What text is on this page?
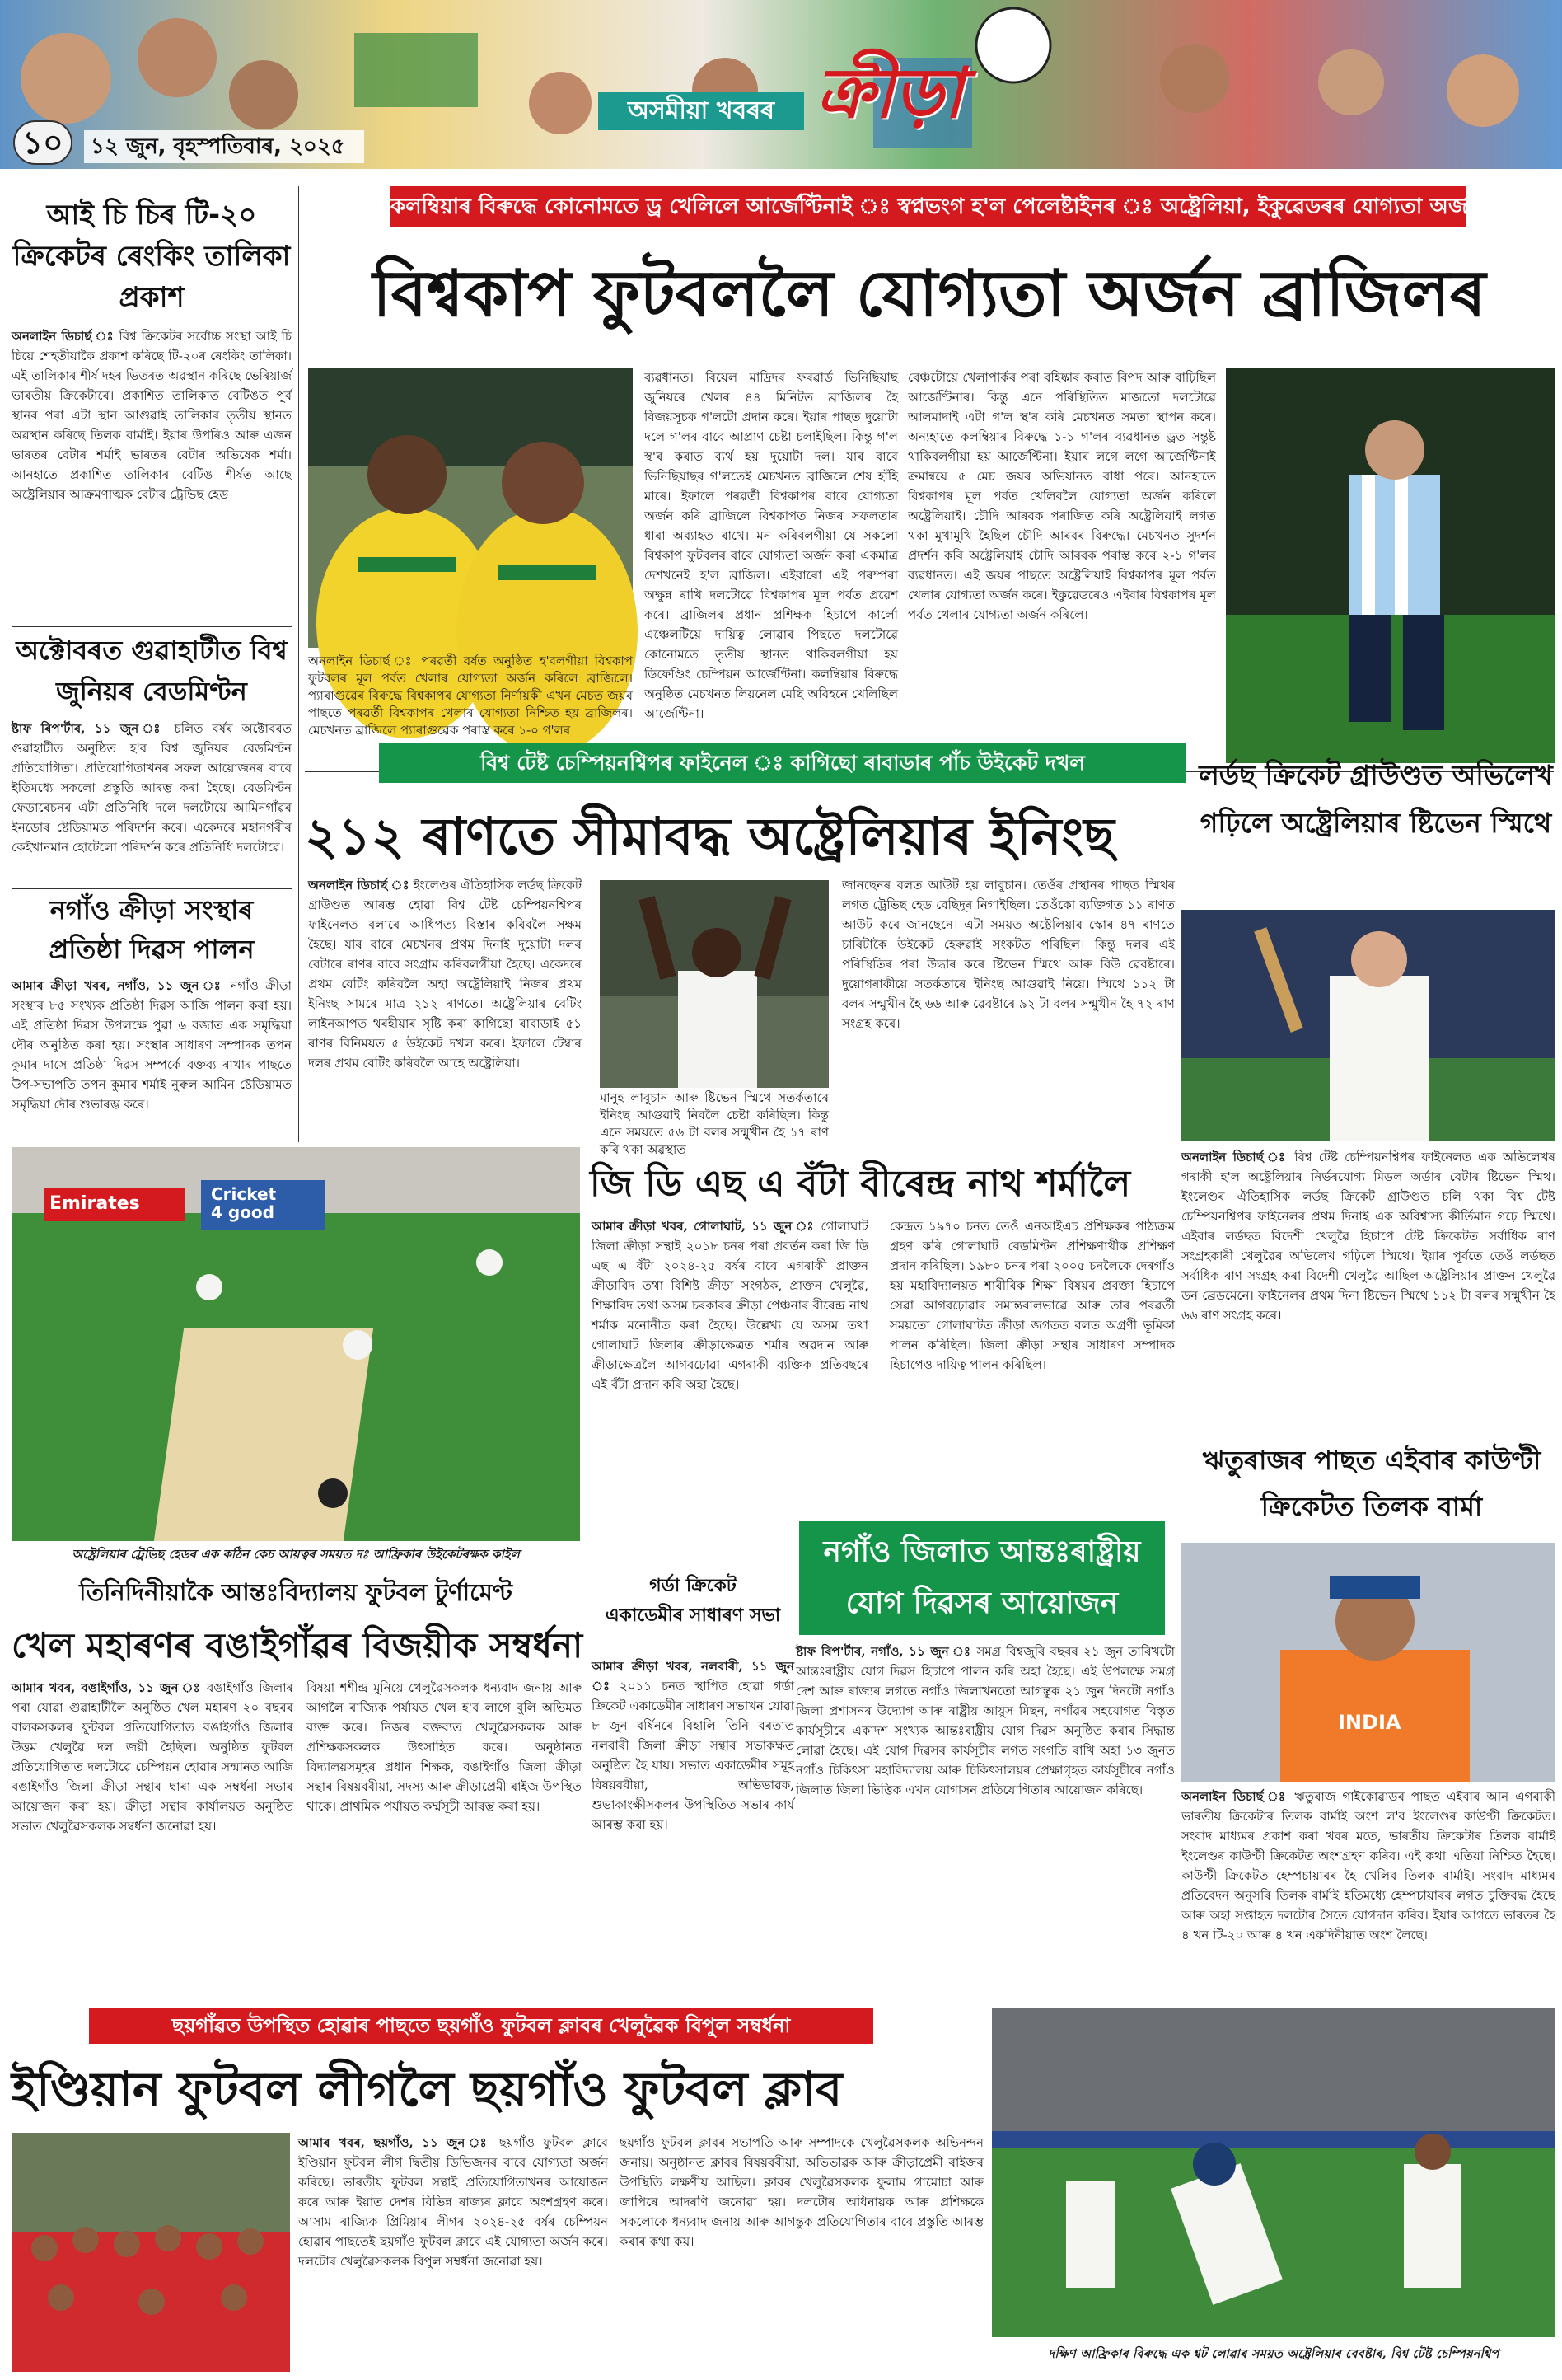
১০	১২ জুন, বৃহস্পতিবাৰ, ২০২৫
অসমীয়া খবৰৰ ক্ৰীড়া
কলম্বিয়াৰ বিৰুদ্ধে কোনোমতে ড্ৰ খেলিলে আৰ্জেণ্টিনাই ঃ স্বপ্নভংগ হ'ল পেলেষ্টাইনৰ ঃ অষ্ট্ৰেলিয়া, ইকুৱেডৰৰ যোগ্যতা অৰ্জন
আই চি চিৰ টি-২০ ক্ৰিকেটৰ ৰেংকিং তালিকা প্ৰকাশ
অনলাইন ডিচাৰ্ছ ঃ বিশ্ব ক্ৰিকেটৰ সৰ্বোচ্চ সংস্থা আই চি চিয়ে শেহতীয়াকৈ প্ৰকাশ কৰিছে টি-২০ৰ ৰেংকিং তালিকা। এই তালিকাৰ শীৰ্ষ দহৰ ভিতৰত অৱস্থান কৰিছে ভেৰিয়াৰ্জ ভাৰতীয় ক্ৰিকেটাৰে। প্ৰকাশিত তালিকাত বেটিঙত পুৰ্ব স্থানৰ পৰা এটা স্থান আগুৱাই তালিকাৰ তৃতীয় স্থানত অৱস্থান কৰিছে তিলক বাৰ্মাই। ইয়াৰ উপৰিও আৰু এজন ভাৰতৰ বেটাৰ শৰ্মাই ভাৰতৰ বেটাৰ অভিষেক শৰ্মা। আনহাতে প্ৰকাশিত তালিকাৰ বেটিঙ শীৰ্ষত আছে অষ্ট্ৰেলিয়াৰ আক্ৰমণাত্মক বেটাৰ ট্ৰেভিছ হেড।
অক্টোবৰত গুৱাহাটীত বিশ্ব জুনিয়ৰ বেডমিণ্টন
ষ্টাফ ৰিপ'ৰ্টাৰ, ১১ জুন ঃ চলিত বৰ্ষৰ অক্টোবৰত গুৱাহাটীত অনুষ্ঠিত হ'ব বিশ্ব জুনিয়ৰ বেডমিণ্টন প্ৰতিযোগিতা। প্ৰতিযোগিতাখনৰ সফল আয়োজনৰ বাবে ইতিমধ্যে সকলো প্ৰস্তুতি আৰম্ভ কৰা হৈছে। বেডমিণ্টন ফেডাৰেচনৰ এটা প্ৰতিনিধি দলে দলটোয়ে আমিনগাঁৱৰ ইনডোৰ ষ্টেডিয়ামত পৰিদৰ্শন কৰে। একেদৰে মহানগৰীৰ কেইখানমান হোটেলো পৰিদৰ্শন কৰে প্ৰতিনিধি দলটোৱে।
নগাঁও ক্ৰীড়া সংস্থাৰ প্ৰতিষ্ঠা দিৱস পালন
আমাৰ ক্ৰীড়া খবৰ, নগাঁও, ১১ জুন ঃ নগাঁও ক্ৰীড়া সংস্থাৰ ৮৫ সংখ্যক প্ৰতিষ্ঠা দিৱস আজি পালন কৰা হয়। এই প্ৰতিষ্ঠা দিৱস উপলক্ষে পুৱা ৬ বজাত এক সমৃদ্ধিয়া দৌৰ অনুষ্ঠিত কৰা হয়। সংস্থাৰ সাধাৰণ সম্পাদক তপন কুমাৰ দাসে প্ৰতিষ্ঠা দিৱস সম্পৰ্কে বক্তব্য ৰাখাৰ পাছতে উপ-সভাপতি তপন কুমাৰ শৰ্মাই নুৰুল আমিন ষ্টেডিয়ামত সমৃদ্ধিয়া দৌৰ শুভাৰম্ভ কৰে।
বিশ্বকাপ ফুটবললৈ যোগ্যতা অৰ্জন ব্ৰাজিলৰ
অনলাইন ডিচাৰ্ছ ঃ পৰৱৰ্তী বৰ্ষত অনুষ্ঠিত হ'বলগীয়া বিশ্বকাপ ফুটবলৰ মূল পৰ্বত খেলাৰ যোগ্যতা অৰ্জন কৰিলে ব্ৰাজিলে। প্যাৰাগুৱেৰ বিৰুদ্ধে বিশ্বকাপৰ যোগ্যতা নিৰ্ণায়কী এখন মেচত জয়ৰ পাছতে পৰৱৰ্তী বিশ্বকাপৰ খেলাৰ যোগ্যতা নিশ্চিত হয় ব্ৰাজিলৰ। মেচখনত ব্ৰাজিলে প্যাৰাগুৱেক পৰাস্ত কৰে ১-০ গ'লৰ
ব্যৱধানত। বিয়েল মাদ্ৰিদৰ ফৰৱাৰ্ড ভিনিছিয়াছ জুনিয়ৰে খেলৰ ৪৪ মিনিটত ব্ৰাজিলৰ হৈ বিজয়সূচক গ'লটো প্ৰদান কৰে। ইয়াৰ পাছত দুয়োটা দলে গ'লৰ বাবে আপ্ৰাণ চেষ্টা চলাইছিল। কিন্তু গ'ল স্থ'ৰ কৰাত ব্যৰ্থ হয় দুয়োটা দল। যাৰ বাবে ভিনিছিয়াছৰ গ'লতেই মেচখনত ব্ৰাজিলে শেষ হাঁহি মাৰে। ইফালে পৰৱৰ্তী বিশ্বকাপৰ বাবে যোগ্যতা অৰ্জন কৰি ব্ৰাজিলে বিশ্বকাপত নিজৰ সফলতাৰ ধাৰা অব্যাহত ৰাখে। মন কৰিবলগীয়া যে সকলো বিশ্বকাপ ফুটবলৰ বাবে যোগ্যতা অৰ্জন কৰা একমাত্ৰ দেশখনেই হ'ল ব্ৰাজিল। এইবাৰো এই পৰম্পৰা অক্ষুন্ন ৰাখি দলটোৱে বিশ্বকাপৰ মূল পৰ্বত প্ৰৱেশ কৰে। ব্ৰাজিলৰ প্ৰধান প্ৰশিক্ষক হিচাপে কাৰ্লো এঞ্চেলটিয়ে দায়িত্ব লোৱাৰ পিছতে দলটোৱে কোনোমতে তৃতীয় স্থানত থাকিবলগীয়া হয় ডিফেণ্ডিং চেম্পিয়ন আৰ্জেণ্টিনা। কলম্বিয়াৰ বিৰুদ্ধে অনুষ্ঠিত মেচখনত লিয়নেল মেছি অবিহনে খেলিছিল আৰ্জেণ্টিনা।
বেঞ্চটোয়ে খেলাপাৰ্কৰ পৰা বহিষ্কাৰ কৰাত বিপদ আৰু বাঢ়িছিল আৰ্জেণ্টিনাৰ। কিন্তু এনে পৰিস্থিতিত মাজতো দলটোৱে আলমাদাই এটা গ'ল স্থ'ৰ কৰি মেচখনত সমতা স্থাপন কৰে। অন্যহাতে কলম্বিয়াৰ বিৰুদ্ধে ১-১ গ'লৰ ব্যৱধানত ড্ৰত সন্তুষ্ট থাকিবলগীয়া হয় আৰ্জেণ্টিনা। ইয়াৰ লগে লগে আৰ্জেণ্টিনাই ক্ৰমান্বয়ে ৫ মেচ জয়ৰ অভিযানত বাধা পৰে। আনহাতে বিশ্বকাপৰ মূল পৰ্বত খেলিবলৈ যোগ্যতা অৰ্জন কৰিলে অষ্ট্ৰেলিয়াই। চৌদি আৰবক পৰাজিত কৰি অষ্ট্ৰেলিয়াই লগত থকা মুখামুখি হৈছিল চৌদি আৰবৰ বিৰুদ্ধে। মেচখনত সুদৰ্শন প্ৰদৰ্শন কৰি অষ্ট্ৰেলিয়াই চৌদি আৰবক পৰাস্ত কৰে ২-১ গ'লৰ ব্যৱধানত। এই জয়ৰ পাছতে অষ্ট্ৰেলিয়াই বিশ্বকাপৰ মূল পৰ্বত খেলাৰ যোগ্যতা অৰ্জন কৰে। ইকুৱেডৰেও এইবাৰ বিশ্বকাপৰ মূল পৰ্বত খেলাৰ যোগ্যতা অৰ্জন কৰিলে।
বিশ্ব টেষ্ট চেম্পিয়নশ্বিপৰ ফাইনেল ঃ কাগিছো ৰাবাডাৰ পাঁচ উইকেট দখল
২১২ ৰাণতে সীমাবদ্ধ অষ্ট্ৰেলিয়াৰ ইনিংছ
অনলাইন ডিচাৰ্ছ ঃ ইংলেণ্ডৰ ঐতিহাসিক লৰ্ডছ ক্ৰিকেট গ্ৰাউণ্ডত আৰম্ভ হোৱা বিশ্ব টেষ্ট চেম্পিয়নশ্বিপৰ ফাইনেলত বলাৰে আধিপত্য বিস্তাৰ কৰিবলৈ সক্ষম হৈছে। যাৰ বাবে মেচখনৰ প্ৰথম দিনাই দুয়োটা দলৰ বেটাৰে ৰাণৰ বাবে সংগ্ৰাম কৰিবলগীয়া হৈছে। একেদৰে প্ৰথম বেটিং কৰিবলৈ অহা অষ্ট্ৰেলিয়াই নিজৰ প্ৰথম ইনিংছ সামৰে মাত্ৰ ২১২ ৰাণতে। অষ্ট্ৰেলিয়াৰ বেটিং লাইনআপত থৰহীয়াৰ সৃষ্টি কৰা কাগিছো ৰাবাডাই ৫১ ৰাণৰ বিনিময়ত ৫ উইকেট দখল কৰে। ইফালে টেম্বাৰ দলৰ প্ৰথম বেটিং কৰিবলৈ আহে অষ্ট্ৰেলিয়া।
মানুহ লাবুচান আৰু ষ্টিভেন স্মিথে সতৰ্কতাৰে ইনিংছ আগুৱাই নিবলৈ চেষ্টা কৰিছিল। কিন্তু এনে সময়তে ৫৬ টা বলৰ সন্মুখীন হৈ ১৭ ৰাণ কৰি থকা অৱস্থাত
জানছেনৰ বলত আউট হয় লাবুচান। তেওঁৰ প্ৰস্থানৰ পাছত স্মিথৰ লগত ট্ৰেভিছ হেড বেছিদূৰ নিগাইছিল। তেওঁকো ব্যক্তিগত ১১ ৰাণত আউট কৰে জানছেনে। এটা সময়ত অষ্ট্ৰেলিয়াৰ স্কোৰ ৪৭ ৰাণতে চাৰিটাকৈ উইকেট হেৰুৱাই সংকটত পৰিছিল। কিন্তু দলৰ এই পৰিস্থিতিৰ পৰা উদ্ধাৰ কৰে ষ্টিভেন স্মিথে আৰু বিউ ৱেবষ্টাৰে। দুয়োগৰাকীয়ে সতৰ্কতাৰে ইনিংছ আগুৱাই নিয়ে। স্মিথে ১১২ টা বলৰ সন্মুখীন হৈ ৬৬ আৰু ৱেবষ্টাৰে ৯২ টা বলৰ সন্মুখীন হৈ ৭২ ৰাণ সংগ্ৰহ কৰে।
লৰ্ডছ ক্ৰিকেট গ্ৰাউণ্ডত অভিলেখ গঢ়িলে অষ্ট্ৰেলিয়াৰ ষ্টিভেন স্মিথে
অনলাইন ডিচাৰ্ছ ঃ বিশ্ব টেষ্ট চেম্পিয়নশ্বিপৰ ফাইনেলত এক অভিলেখৰ গৰাকী হ'ল অষ্ট্ৰেলিয়াৰ নিৰ্ভৰযোগ্য মিডল অৰ্ডাৰ বেটাৰ ষ্টিভেন স্মিথ। ইংলেণ্ডৰ ঐতিহাসিক লৰ্ডছ ক্ৰিকেট গ্ৰাউণ্ডত চলি থকা বিশ্ব টেষ্ট চেম্পিয়নশ্বিপৰ ফাইনেলৰ প্ৰথম দিনাই এক অবিশ্বাস্য কীৰ্তিমান গঢ়ে স্মিথে। এইবাৰ লৰ্ডছত বিদেশী খেলুৱৈ হিচাপে টেষ্ট ক্ৰিকেটত সৰ্বাধিক ৰাণ সংগ্ৰহকাৰী খেলুৱৈৰ অভিলেখ গঢ়িলে স্মিথে। ইয়াৰ পূৰ্বতে তেওঁ লৰ্ডছত সৰ্বাধিক ৰাণ সংগ্ৰহ কৰা বিদেশী খেলুৱৈ আছিল অষ্ট্ৰেলিয়াৰ প্ৰাক্তন খেলুৱৈ ডন ব্ৰেডমেনে। ফাইনেলৰ প্ৰথম দিনা ষ্টিভেন স্মিথে ১১২ টা বলৰ সন্মুখীন হৈ ৬৬ ৰাণ সংগ্ৰহ কৰে।
Emirates	Cricket
4 good
অষ্ট্ৰেলিয়াৰ ট্ৰেভিছ হেডৰ এক কঠিন কেচ আয়ত্বৰ সময়ত দঃ আফ্ৰিকাৰ উইকেটৰক্ষক কাইল
জি ডি এছ এ বঁটা বীৰেন্দ্ৰ নাথ শৰ্মালৈ
আমাৰ ক্ৰীড়া খবৰ, গোলাঘাট, ১১ জুন ঃ গোলাঘাট জিলা ক্ৰীড়া সন্থাই ২০১৮ চনৰ পৰা প্ৰবৰ্তন কৰা জি ডি এছ এ বঁটা ২০২৪-২৫ বৰ্ষৰ বাবে এগৰাকী প্ৰাক্তন ক্ৰীড়াবিদ তথা বিশিষ্ট ক্ৰীড়া সংগঠক, প্ৰাক্তন খেলুৱৈ, শিক্ষাবিদ তথা অসম চৰকাৰৰ ক্ৰীড়া পেঞ্চনাৰ বীৰেন্দ্ৰ নাথ শৰ্মাক মনোনীত কৰা হৈছে। উল্লেখ্য যে অসম তথা গোলাঘাট জিলাৰ ক্ৰীড়াক্ষেত্ৰত শৰ্মাৰ অৱদান আৰু ক্ৰীড়াক্ষেত্ৰলৈ আগবঢ়োৱা এগৰাকী ব্যক্তিক প্ৰতিবছৰে এই বঁটা প্ৰদান কৰি অহা হৈছে।
কেন্দ্ৰত ১৯৭০ চনত তেওঁ এনআইএচ প্ৰশিক্ষকৰ পাঠ্যক্ৰম গ্ৰহণ কৰি গোলাঘাট বেডমিণ্টন প্ৰশিক্ষণাৰ্থীক প্ৰশিক্ষণ প্ৰদান কৰিছিল। ১৯৮০ চনৰ পৰা ২০০৫ চনলৈকে দেৰগাঁও হয় মহাবিদ্যালয়ত শাৰীৰিক শিক্ষা বিষয়ৰ প্ৰবক্তা হিচাপে সেৱা আগবঢ়োৱাৰ সমান্তৰালভাৱে আৰু তাৰ পৰৱৰ্তী সময়তো গোলাঘাটত ক্ৰীড়া জগতত বলত অগ্ৰণী ভূমিকা পালন কৰিছিল। জিলা ক্ৰীড়া সন্থাৰ সাধাৰণ সম্পাদক হিচাপেও দায়িত্ব পালন কৰিছিল।
ঋতুৰাজৰ পাছত এইবাৰ কাউণ্টী ক্ৰিকেটত তিলক বাৰ্মা
INDIA
অনলাইন ডিচাৰ্ছ ঃ ঋতুৰাজ গাইকোৱাডৰ পাছত এইবাৰ আন এগৰাকী ভাৰতীয় ক্ৰিকেটাৰ তিলক বাৰ্মাই অংশ ল'ব ইংলেণ্ডৰ কাউণ্টী ক্ৰিকেটত। সংবাদ মাধ্যমৰ প্ৰকাশ কৰা খবৰ মতে, ভাৰতীয় ক্ৰিকেটাৰ তিলক বাৰ্মাই ইংলেণ্ডৰ কাউণ্টী ক্ৰিকেটত অংশগ্ৰহণ কৰিব। এই কথা এতিয়া নিশ্চিত হৈছে। কাউণ্টী ক্ৰিকেটত হেম্পচায়াৰৰ হৈ খেলিব তিলক বাৰ্মাই। সংবাদ মাধ্যমৰ প্ৰতিবেদন অনুসৰি তিলক বাৰ্মাই ইতিমধ্যে হেম্পচায়াৰৰ লগত চুক্তিবদ্ধ হৈছে আৰু অহা সপ্তাহত দলটোৰ সৈতে যোগদান কৰিব। ইয়াৰ আগতে ভাৰতৰ হৈ ৪ খন টি-২০ আৰু ৪ খন একদিনীয়াত অংশ লৈছে।
গৰ্ডা ক্ৰিকেট
একাডেমীৰ সাধাৰণ সভা
আমাৰ ক্ৰীড়া খবৰ, নলবাৰী, ১১ জুন ঃ ২০১১ চনত স্থাপিত হোৱা গৰ্ডা ক্ৰিকেট একাডেমীৰ সাধাৰণ সভাখন যোৱা ৮ জুন বৰ্ষিনৰে বিহালি তিনি বৰতাত নলবাৰী জিলা ক্ৰীড়া সন্থাৰ সভাকক্ষত অনুষ্ঠিত হৈ যায়। সভাত একাডেমীৰ সমূহ বিষয়ববীয়া, অভিভাৱক, শুভাকাংক্ষীসকলৰ উপস্থিতিত সভাৰ কাৰ্য আৰম্ভ কৰা হয়।
নগাঁও জিলাত আন্তঃৰাষ্ট্ৰীয় যোগ দিৱসৰ আয়োজন
ষ্টাফ ৰিপ'ৰ্টাৰ, নগাঁও, ১১ জুন ঃ সমগ্ৰ বিশ্বজুৰি বছৰৰ ২১ জুন তাৰিখটো আন্তঃৰাষ্ট্ৰীয় যোগ দিৱস হিচাপে পালন কৰি অহা হৈছে। এই উপলক্ষে সমগ্ৰ দেশ আৰু ৰাজ্যৰ লগতে নগাঁও জিলাখনতো আগন্তুক ২১ জুন দিনটো নগাঁও জিলা প্ৰশাসনৰ উদ্যোগ আৰু ৰাষ্ট্ৰীয় আয়ুস মিছন, নগাঁৱৰ সহযোগত বিস্তৃত কাৰ্যসূচীৰে একাদশ সংখ্যক আন্তঃৰাষ্ট্ৰীয় যোগ দিৱস অনুষ্ঠিত কৰাৰ সিদ্ধান্ত লোৱা হৈছে। এই যোগ দিৱসৰ কাৰ্যসূচীৰ লগত সংগতি ৰাখি অহা ১৩ জুনত নগাঁও চিকিৎসা মহাবিদ্যালয় আৰু চিকিৎসালয়ৰ প্ৰেক্ষাগৃহত কাৰ্যসূচীৰে নগাঁও জিলাত জিলা ভিত্তিক এখন যোগাসন প্ৰতিযোগিতাৰ আয়োজন কৰিছে।
তিনিদিনীয়াকৈ আন্তঃবিদ্যালয় ফুটবল টুৰ্ণামেণ্ট
খেল মহাৰণৰ বঙাইগাঁৱৰ বিজয়ীক সম্বৰ্ধনা
আমাৰ খবৰ, বঙাইগাঁও, ১১ জুন ঃ বঙাইগাঁও জিলাৰ পৰা যোৱা গুৱাহাটীলৈ অনুষ্ঠিত খেল মহাৰণ ২০ বছৰৰ বালকসকলৰ ফুটবল প্ৰতিযোগিতাত বঙাইগাঁও জিলাৰ উত্তম খেলুৱৈ দল জয়ী হৈছিল। অনুষ্ঠিত ফুটবল প্ৰতিযোগিতাত দলটোৱে চেম্পিয়ন হোৱাৰ সন্মানত আজি বঙাইগাঁও জিলা ক্ৰীড়া সন্থাৰ দ্বাৰা এক সম্বৰ্ধনা সভাৰ আয়োজন কৰা হয়। ক্ৰীড়া সন্থাৰ কাৰ্যালয়ত অনুষ্ঠিত সভাত খেলুৱৈসকলক সম্বৰ্ধনা জনোৱা হয়।
বিষয়া শশীন্দ্ৰ মুনিয়ে খেলুৱৈসকলক ধন্যবাদ জনায় আৰু আগলৈ ৰাজ্যিক পৰ্যায়ত খেল হ'ব লাগে বুলি অভিমত ব্যক্ত কৰে। নিজৰ বক্তব্যত খেলুৱৈসকলক আৰু প্ৰশিক্ষকসকলক উৎসাহিত কৰে। অনুষ্ঠানত বিদ্যালয়সমূহৰ প্ৰধান শিক্ষক, বঙাইগাঁও জিলা ক্ৰীড়া সন্থাৰ বিষয়ববীয়া, সদস্য আৰু ক্ৰীড়াপ্ৰেমী ৰাইজ উপস্থিত থাকে। প্ৰাথমিক পৰ্যায়ত কৰ্ম্মসূচী আৰম্ভ কৰা হয়।
ছয়গাঁৱত উপস্থিত হোৱাৰ পাছতে ছয়গাঁও ফুটবল ক্লাবৰ খেলুৱৈক বিপুল সম্বৰ্ধনা
ইণ্ডিয়ান ফুটবল লীগলৈ ছয়গাঁও ফুটবল ক্লাব
আমাৰ খবৰ, ছয়গাঁও, ১১ জুন ঃ ছয়গাঁও ফুটবল ক্লাবে ইণ্ডিয়ান ফুটবল লীগ দ্বিতীয় ডিভিজনৰ বাবে যোগ্যতা অৰ্জন কৰিছে। ভাৰতীয় ফুটবল সন্থাই প্ৰতিযোগিতাখনৰ আয়োজন কৰে আৰু ইয়াত দেশৰ বিভিন্ন ৰাজ্যৰ ক্লাবে অংশগ্ৰহণ কৰে। আসাম ৰাজ্যিক প্ৰিমিয়াৰ লীগৰ ২০২৪-২৫ বৰ্ষৰ চেম্পিয়ন হোৱাৰ পাছতেই ছয়গাঁও ফুটবল ক্লাবে এই যোগ্যতা অৰ্জন কৰে। দলটোৰ খেলুৱৈসকলক বিপুল সম্বৰ্ধনা জনোৱা হয়।
ছয়গাঁও ফুটবল ক্লাবৰ সভাপতি আৰু সম্পাদকে খেলুৱৈসকলক অভিনন্দন জনায়। অনুষ্ঠানত ক্লাবৰ বিষয়ববীয়া, অভিভাৱক আৰু ক্ৰীড়াপ্ৰেমী ৰাইজৰ উপস্থিতি লক্ষণীয় আছিল। ক্লাবৰ খেলুৱৈসকলক ফুলাম গামোচা আৰু জাপিৰে আদৰণি জনোৱা হয়। দলটোৰ অধিনায়ক আৰু প্ৰশিক্ষকে সকলোকে ধন্যবাদ জনায় আৰু আগন্তুক প্ৰতিযোগিতাৰ বাবে প্ৰস্তুতি আৰম্ভ কৰাৰ কথা কয়।
দক্ষিণ আফ্ৰিকাৰ বিৰুদ্ধে এক শ্বট লোৱাৰ সময়ত অষ্ট্ৰেলিয়াৰ বেবষ্টাৰ, বিশ্ব টেষ্ট চেম্পিয়নশ্বিপ
